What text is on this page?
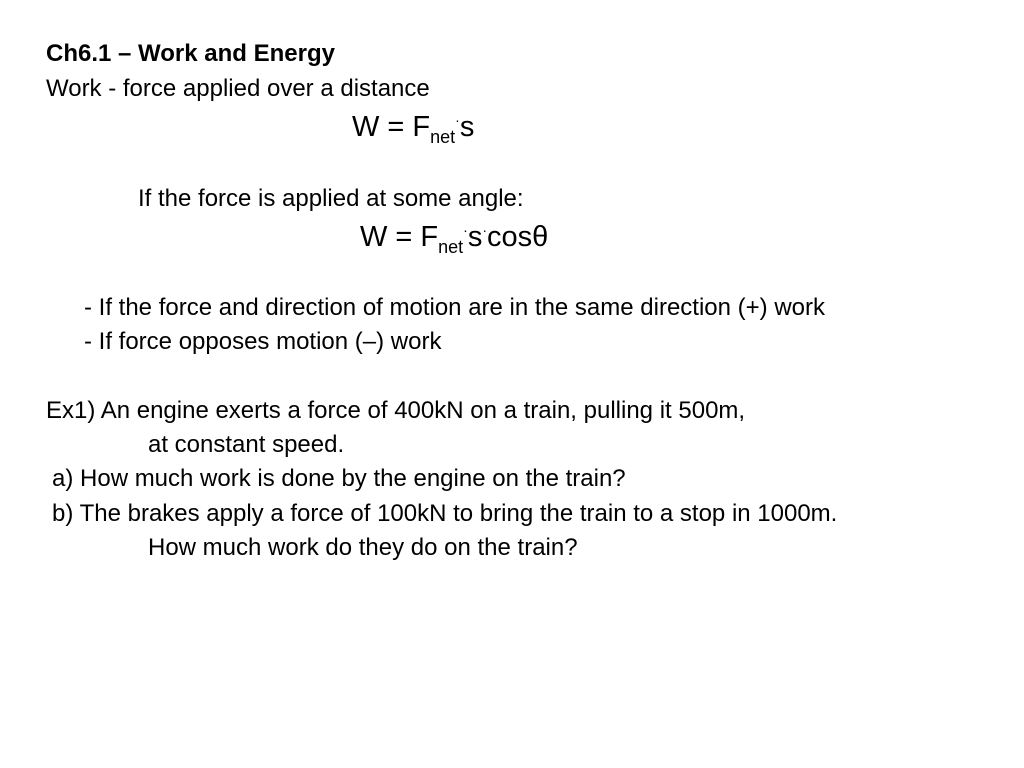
Ch6.1 – Work and Energy
Work - force applied over a distance
$W = F_{net}^\cdot s$
If the force is applied at some angle:
$W = F_{net}^\cdot s^\cdot\cos\theta$
- If the force and direction of motion are in the same direction (+) work
- If force opposes motion (–) work
Ex1) An engine exerts a force of 400kN on a train, pulling it 500m,
at constant speed.
a) How much work is done by the engine on the train?
b) The brakes apply a force of 100kN to bring the train to a stop in 1000m.
How much work do they do on the train?
